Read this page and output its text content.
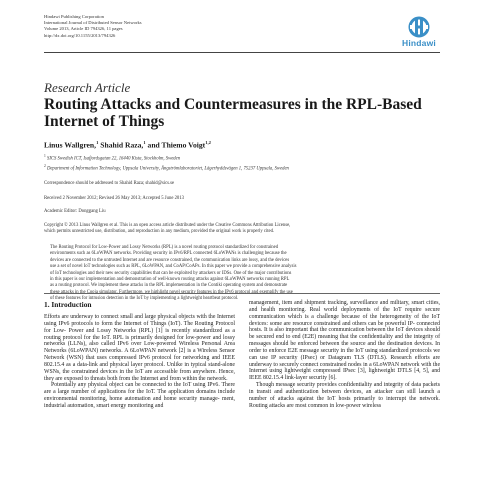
Hindawi Publishing Corporation
International Journal of Distributed Sensor Networks
Volume 2013, Article ID 794326, 11 pages
http://dx.doi.org/10.1155/2013/794326
Hindawi
Research Article
Routing Attacks and Countermeasures in the RPL-Based
Internet of Things
Linus Wallgren,$^1$ Shahid Raza,$^1$ and Thiemo Voigt$^{1,2}$
$^1$ SICS Swedish ICT, Isafjordsgatan 22, 16440 Kista, Stockholm, Sweden
$^2$ Department of Information Technology, Uppsala University, Ångströmlaboratoriet, Lägerhyddsvägen 1, 75237 Uppsala, Sweden
Correspondence should be addressed to Shahid Raza; shahid@sics.se
Received 2 November 2012; Revised 26 May 2013; Accepted 5 June 2013
Academic Editor: Donggang Liu
Copyright © 2013 Linus Wallgren et al. This is an open access article distributed under the Creative Commons Attribution License,
which permits unrestricted use, distribution, and reproduction in any medium, provided the original work is properly cited.
The Routing Protocol for Low-Power and Lossy Networks (RPL) is a novel routing protocol standardized for constrained
environments such as 6LoWPAN networks. Providing security in IPv6/RPL connected 6LoWPANs is challenging because the
devices are connected to the untrusted Internet and are resource constrained, the communication links are lossy, and the devices
use a set of novel IoT technologies such as RPL, 6LoWPAN, and CoAP/CoAPs. In this paper we provide a comprehensive analysis
of IoT technologies and their new security capabilities that can be exploited by attackers or IDSs. One of the major contributions
in this paper is our implementation and demonstration of well-known routing attacks against 6LoWPAN networks running RPL
as a routing protocol. We implement these attacks in the RPL implementation in the Contiki operating system and demonstrate
of these features for intrusion detection in the IoT by implementing a lightweight heartbeat protocol.
1. Introduction

Efforts are underway to connect small and large physical objects with the Internet using IPv6 protocols to form the Internet of Things (IoT). The Routing Protocol for Low- Power and Lossy Networks (RPL) [1] is recently standardized as a routing protocol for the IoT. RPL is primarily designed for low-power and lossy networks (LLNs), also called IPv6 over Low-powered Wireless Personal Area Networks (6LoWPAN) networks. A 6LoWPAN network [2] is a Wireless Sensor Network (WSN) that uses compressed IPv6 protocol for networking and IEEE 802.15.4 as a data-link and physical layer protocol. Unlike in typical stand-alone WSNs, the constrained devices in the IoT are accessible from anywhere. Hence, they are exposed to threats both from the Internet and from within the network.

Potentially any physical object can be connected to the IoT using IPv6. There are a large number of applications for the IoT. The application domains include environmental monitoring, home automation and home security manage- ment, industrial automation, smart energy monitoring and

management, item and shipment tracking, surveillance and military, smart cities, and health monitoring. Real world deployments of the IoT require secure communication which is a challenge because of the heterogeneity of the IoT devices: some are resource constrained and others can be powerful IP- connected hosts. It is also important that the communication between the IoT devices should be secured end to end (E2E) meaning that the confidentiality and the integrity of messages should be enforced between the source and the destination devices. In order to enforce E2E message security in the IoT using standardized protocols we can use IP security (IPsec) or Datagram TLS (DTLS). Research efforts are underway to securely connect constrained nodes in a 6LoWPAN network with the Internet using lightweight compressed IPsec [3], lightweight DTLS [4, 5], and IEEE 802.15.4 link-layer security [6].

Though message security provides confidentiality and integrity of data packets in transit and authentication between devices, an attacker can still launch a number of attacks against the IoT hosts primarily to interrupt the network. Routing attacks are most common in low-power wireless
